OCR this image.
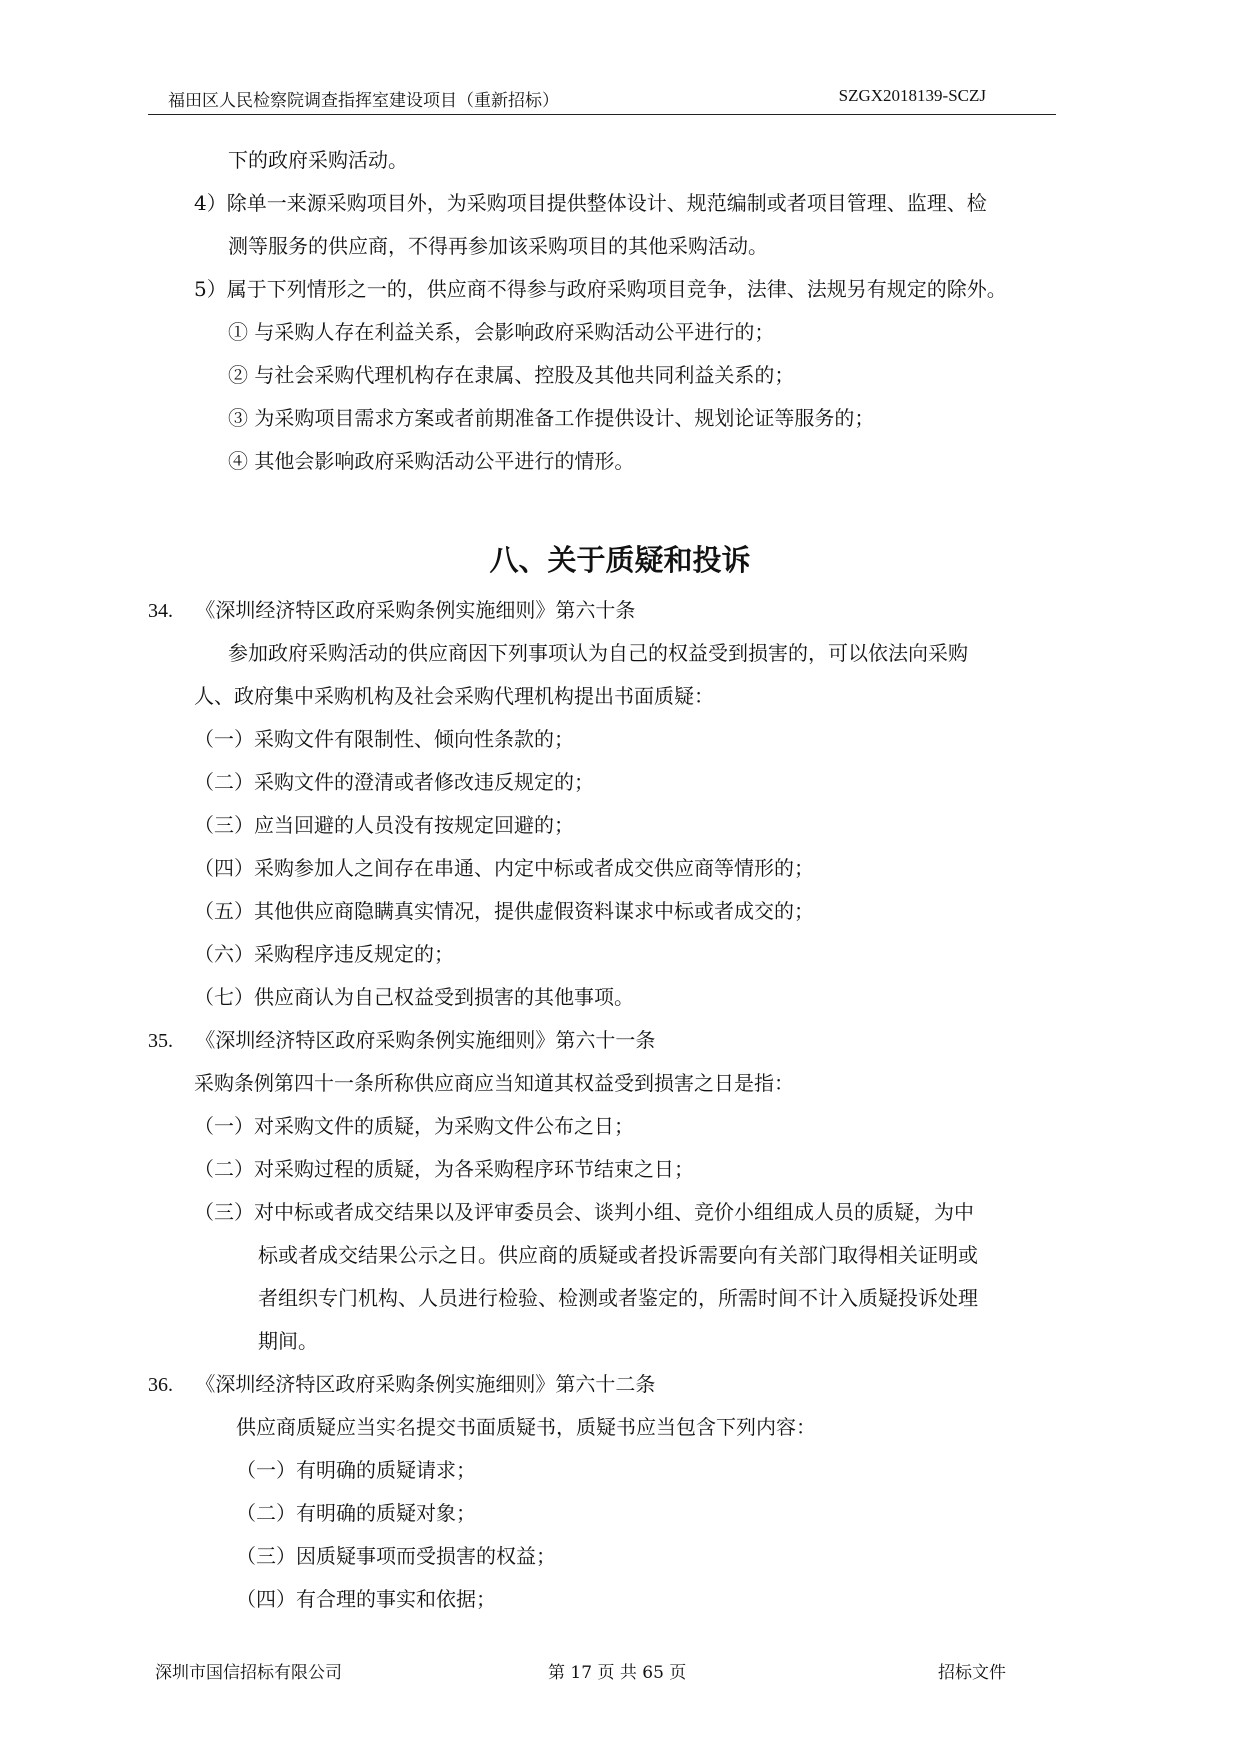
福田区人民检察院调查指挥室建设项目（重新招标）	SZGX2018139-SCZJ
下的政府采购活动。
4）除单一来源采购项目外，为采购项目提供整体设计、规范编制或者项目管理、监理、检
测等服务的供应商，不得再参加该采购项目的其他采购活动。
5）属于下列情形之一的，供应商不得参与政府采购项目竞争，法律、法规另有规定的除外。
① 与采购人存在利益关系，会影响政府采购活动公平进行的；
② 与社会采购代理机构存在隶属、控股及其他共同利益关系的；
③ 为采购项目需求方案或者前期准备工作提供设计、规划论证等服务的；
④ 其他会影响政府采购活动公平进行的情形。
八、关于质疑和投诉
34. 《深圳经济特区政府采购条例实施细则》第六十条
参加政府采购活动的供应商因下列事项认为自己的权益受到损害的，可以依法向采购
人、政府集中采购机构及社会采购代理机构提出书面质疑：
（一）采购文件有限制性、倾向性条款的；
（二）采购文件的澄清或者修改违反规定的；
（三）应当回避的人员没有按规定回避的；
（四）采购参加人之间存在串通、内定中标或者成交供应商等情形的；
（五）其他供应商隐瞒真实情况，提供虚假资料谋求中标或者成交的；
（六）采购程序违反规定的；
（七）供应商认为自己权益受到损害的其他事项。
35. 《深圳经济特区政府采购条例实施细则》第六十一条
采购条例第四十一条所称供应商应当知道其权益受到损害之日是指：
（一）对采购文件的质疑，为采购文件公布之日；
（二）对采购过程的质疑，为各采购程序环节结束之日；
（三）对中标或者成交结果以及评审委员会、谈判小组、竞价小组组成人员的质疑，为中
标或者成交结果公示之日。供应商的质疑或者投诉需要向有关部门取得相关证明或
者组织专门机构、人员进行检验、检测或者鉴定的，所需时间不计入质疑投诉处理
期间。
36. 《深圳经济特区政府采购条例实施细则》第六十二条
供应商质疑应当实名提交书面质疑书，质疑书应当包含下列内容：
（一）有明确的质疑请求；
（二）有明确的质疑对象；
（三）因质疑事项而受损害的权益；
（四）有合理的事实和依据；
深圳市国信招标有限公司	第 17 页 共 65 页	招标文件
